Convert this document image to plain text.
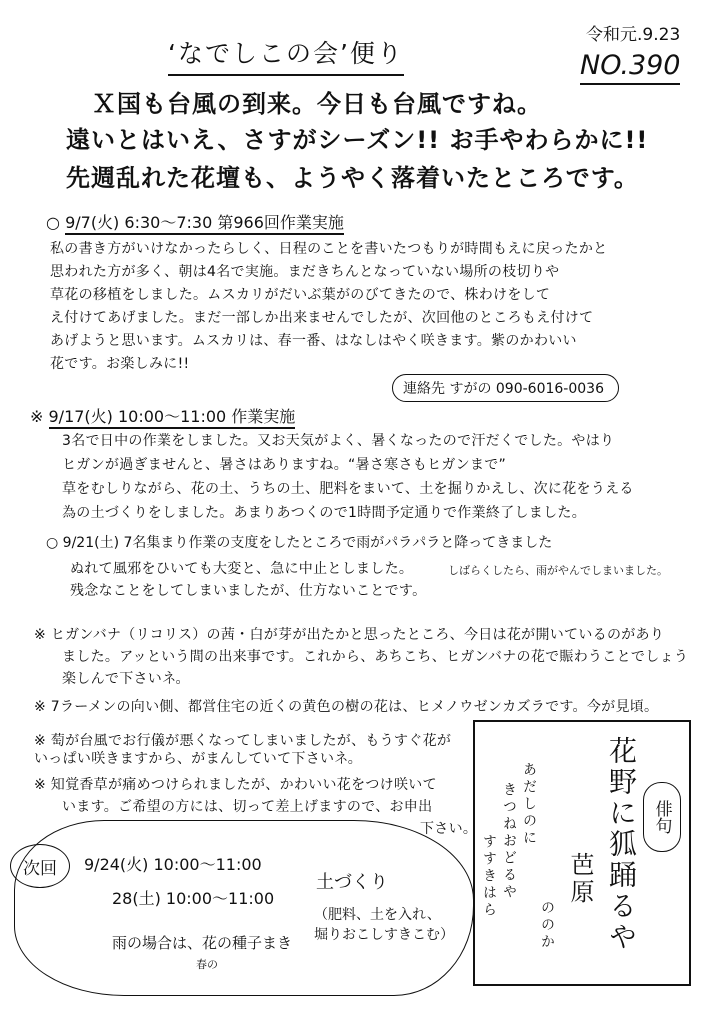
‘なでしこの会’便り
令和元.9.23
NO.390
Ｘ国も台風の到来。今日も台風ですね。
遠いとはいえ、さすがシーズン!! お手やわらかに!!
先週乱れた花壇も、ようやく落着いたところです。
○ 9/7(火) 6:30〜7:30 第966回作業実施
私の書き方がいけなかったらしく、日程のことを書いたつもりが時間もえに戻ったかと
思われた方が多く、朝は4名で実施。まだきちんとなっていない場所の枝切りや
草花の移植をしました。ムスカリがだいぶ葉がのびてきたので、株わけをして
え付けてあげました。まだ一部しか出来ませんでしたが、次回他のところもえ付けて
あげようと思います。ムスカリは、春一番、はなしはやく咲きます。紫のかわいい
花です。お楽しみに!!
連絡先 すがの 090-6016-0036
※ 9/17(火) 10:00〜11:00 作業実施
3名で日中の作業をしました。又お天気がよく、暑くなったので汗だくでした。やはり
ヒガンが過ぎませんと、暑さはありますね。“暑さ寒さもヒガンまで”
草をむしりながら、花の土、うちの土、肥料をまいて、土を掘りかえし、次に花をうえる
為の土づくりをしました。あまりあつくので1時間予定通りで作業終了しました。
○ 9/21(土) 7名集まり作業の支度をしたところで雨がパラパラと降ってきました
ぬれて風邪をひいても大変と、急に中止としました。	しばらくしたら、雨がやんでしまいました。
残念なことをしてしまいましたが、仕方ないことです。
※ ヒガンバナ（リコリス）の茜・白が芽が出たかと思ったところ、今日は花が開いているのがあり
ました。アッという間の出来事です。これから、あちこち、ヒガンバナの花で賑わうことでしょう
楽しんで下さいネ。
※ 7ラーメンの向い側、都営住宅の近くの黄色の樹の花は、ヒメノウゼンカズラです。今が見頃。
※ 萄が台風でお行儀が悪くなってしまいましたが、もうすぐ花がいっぱい咲きますから、がまんしていて下さいネ。
※ 知覚香草が痛めつけられましたが、かわいい花をつけ咲いて
います。ご希望の方には、切って差上げますので、お申出
下さい。	花野に狐踊るや
芭原
俳句
あだしのに
きつねおどるや
ののか
すすきはら
次回 9/24(火) 10:00〜11:00
28(土) 10:00〜11:00
土づくり
（肥料、土を入れ、
堀りおこしすきこむ）
雨の場合は、花の種子まき
春の
